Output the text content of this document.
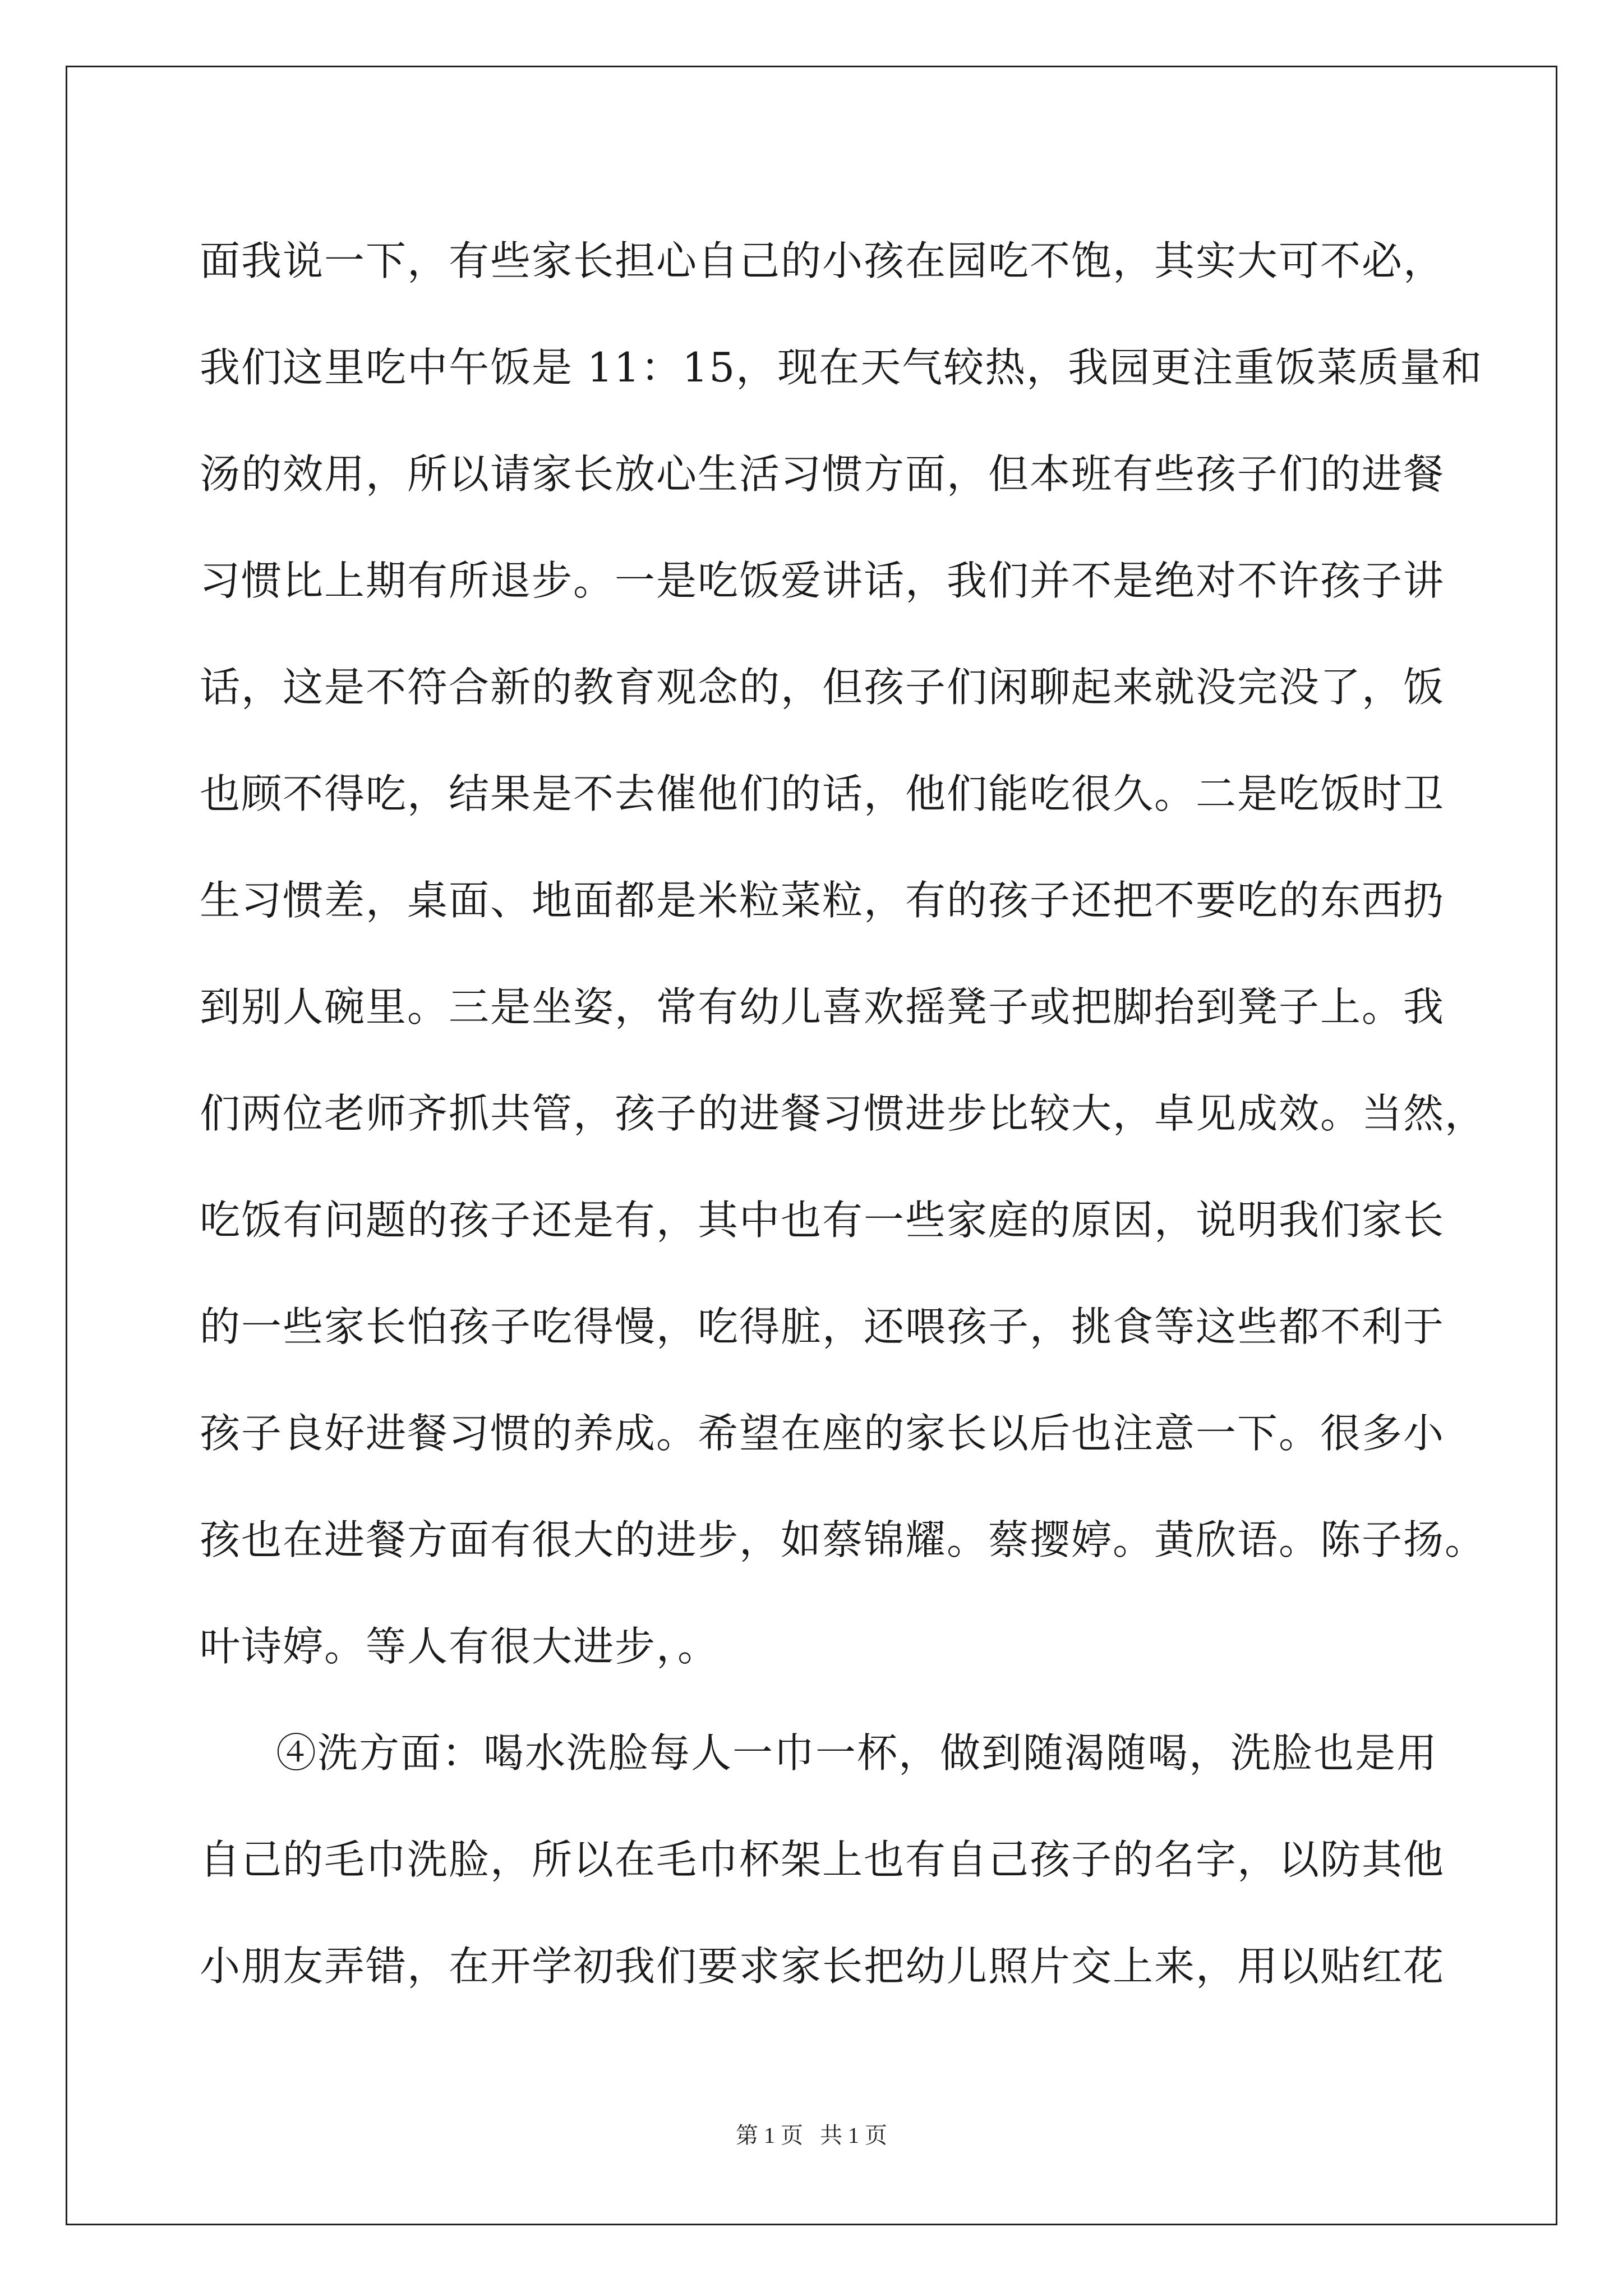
面我说一下，有些家长担心自己的小孩在园吃不饱，其实大可不必，
我们这里吃中午饭是 11：15，现在天气较热，我园更注重饭菜质量和
汤的效用，所以请家长放心生活习惯方面，但本班有些孩子们的进餐
习惯比上期有所退步。一是吃饭爱讲话，我们并不是绝对不许孩子讲
话，这是不符合新的教育观念的，但孩子们闲聊起来就没完没了，饭
也顾不得吃，结果是不去催他们的话，他们能吃很久。二是吃饭时卫
生习惯差，桌面、地面都是米粒菜粒，有的孩子还把不要吃的东西扔
到别人碗里。三是坐姿，常有幼儿喜欢摇凳子或把脚抬到凳子上。我
们两位老师齐抓共管，孩子的进餐习惯进步比较大，卓见成效。当然，
吃饭有问题的孩子还是有，其中也有一些家庭的原因，说明我们家长
的一些家长怕孩子吃得慢，吃得脏，还喂孩子，挑食等这些都不利于
孩子良好进餐习惯的养成。希望在座的家长以后也注意一下。很多小
孩也在进餐方面有很大的进步，如蔡锦耀。蔡撄婷。黄欣语。陈子扬。
叶诗婷。等人有很大进步，。
④洗方面：喝水洗脸每人一巾一杯，做到随渴随喝，洗脸也是用
自己的毛巾洗脸，所以在毛巾杯架上也有自己孩子的名字，以防其他
小朋友弄错，在开学初我们要求家长把幼儿照片交上来，用以贴红花
第 1 页   共 1 页
